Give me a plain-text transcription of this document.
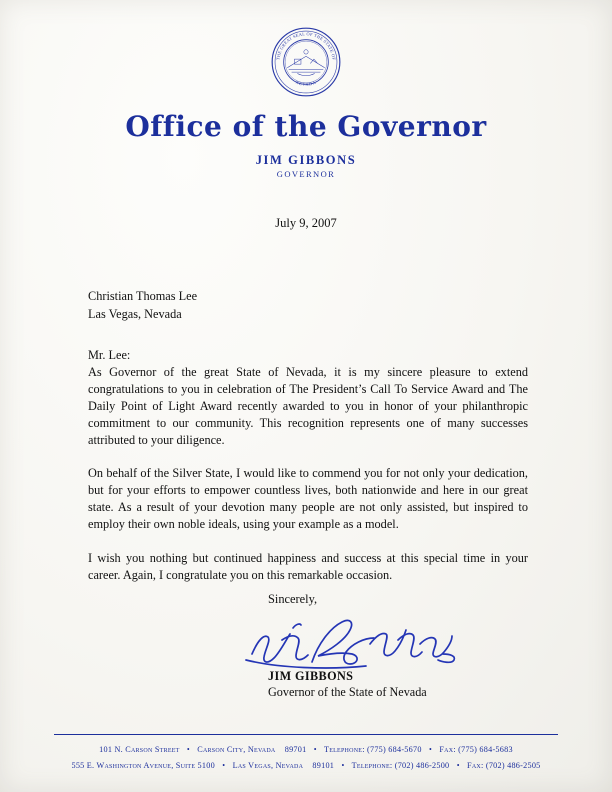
THE GREAT SEAL OF THE STATE OF
NEVADA
Office of the Governor
JIM GIBBONS
GOVERNOR
July 9, 2007
Christian Thomas Lee
Las Vegas, Nevada
Mr. Lee:

As Governor of the great State of Nevada, it is my sincere pleasure to extend congratulations to you in celebration of The President’s Call To Service Award and The Daily Point of Light Award recently awarded to you in honor of your philanthropic commitment to our community. This recognition represents one of many successes attributed to your diligence.

On behalf of the Silver State, I would like to commend you for not only your dedication, but for your efforts to empower countless lives, both nationwide and here in our great state. As a result of your devotion many people are not only assisted, but inspired to employ their own noble ideals, using your example as a model.

I wish you nothing but continued happiness and success at this special time in your career. Again, I congratulate you on this remarkable occasion.

Sincerely,
JIM GIBBONS
Governor of the State of Nevada
101 N. Carson Street • Carson City, Nevada 89701 • Telephone: (775) 684-5670 • Fax: (775) 684-5683
555 E. Washington Avenue, Suite 5100 • Las Vegas, Nevada 89101 • Telephone: (702) 486-2500 • Fax: (702) 486-2505
